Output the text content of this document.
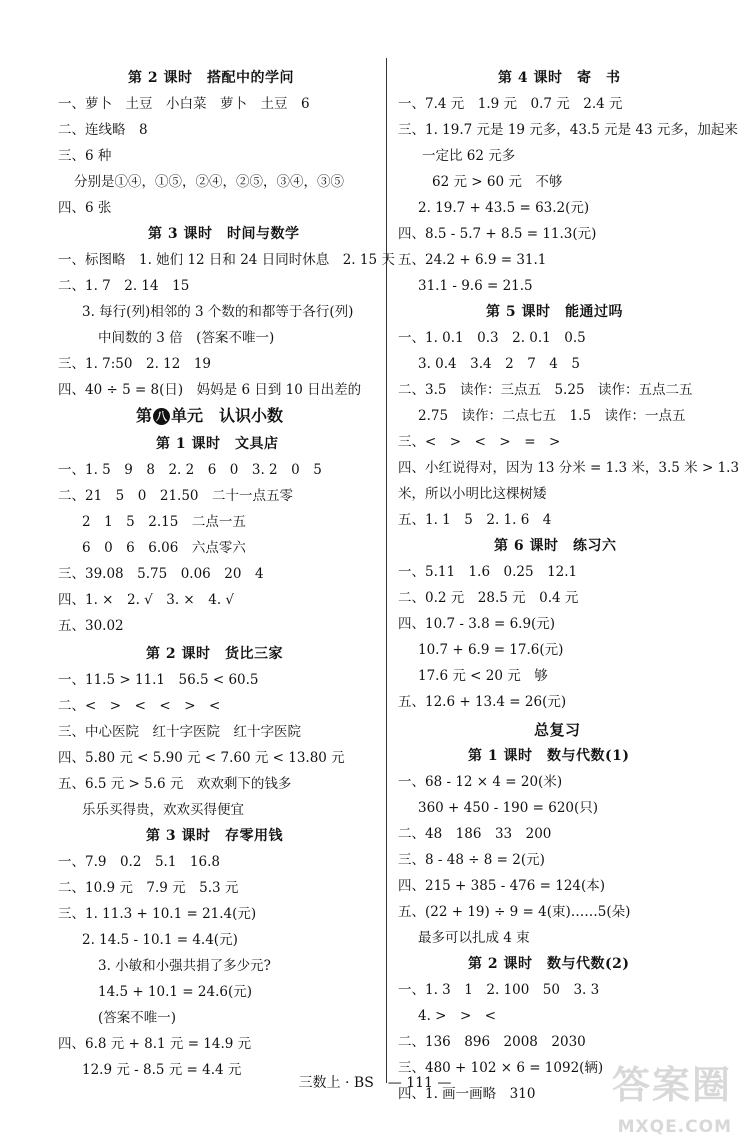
第 2 课时　搭配中的学问
一、萝卜　土豆　小白菜　萝卜　土豆　6
二、连线略　8
三、6 种
分别是①④，①⑤，②④，②⑤，③④，③⑤
四、6 张
第 3 课时　时间与数学
一、标图略　1. 她们 12 日和 24 日同时休息　2. 15 天
二、1. 7　2. 14　15
3. 每行(列)相邻的 3 个数的和都等于各行(列)
中间数的 3 倍　(答案不唯一)
三、1. 7:50　2. 12　19
四、40 ÷ 5 = 8(日)　妈妈是 6 日到 10 日出差的
第 八 单元　认识小数
第 1 课时　文具店
一、1. 5　9　8　2. 2　6　0　3. 2　0　5
二、21　5　0　21.50　二十一点五零
2　1　5　2.15　二点一五
6　0　6　6.06　六点零六
三、39.08　5.75　0.06　20　4
四、1. ×　2. √　3. ×　4. √
五、30.02
第 2 课时　货比三家
一、11.5 > 11.1　56.5 < 60.5
二、<　>　<　<　>　<
三、中心医院　红十字医院　红十字医院
四、5.80 元 < 5.90 元 < 7.60 元 < 13.80 元
五、6.5 元 > 5.6 元　欢欢剩下的钱多
乐乐买得贵，欢欢买得便宜
第 3 课时　存零用钱
一、7.9　0.2　5.1　16.8
二、10.9 元　7.9 元　5.3 元
三、1. 11.3 + 10.1 = 21.4(元)
2. 14.5 - 10.1 = 4.4(元)
3. 小敏和小强共捐了多少元?
14.5 + 10.1 = 24.6(元)
(答案不唯一)
四、6.8 元 + 8.1 元 = 14.9 元
12.9 元 - 8.5 元 = 4.4 元
第 4 课时　寄　书
一、7.4 元　1.9 元　0.7 元　2.4 元
三、1. 19.7 元是 19 元多，43.5 元是 43 元多，加起来
一定比 62 元多
62 元 > 60 元　不够
2. 19.7 + 43.5 = 63.2(元)
四、8.5 - 5.7 + 8.5 = 11.3(元)
五、24.2 + 6.9 = 31.1
31.1 - 9.6 = 21.5
第 5 课时　能通过吗
一、1. 0.1　0.3　2. 0.1　0.5
3. 0.4　3.4　2　7　4　5
二、3.5　读作：三点五　5.25　读作：五点二五
2.75　读作：二点七五　1.5　读作：一点五
三、<　>　<　>　=　>
四、小红说得对，因为 13 分米 = 1.3 米，3.5 米 > 1.3
米，所以小明比这棵树矮
五、1. 1　5　2. 1. 6　4
第 6 课时　练习六
一、5.11　1.6　0.25　12.1
二、0.2 元　28.5 元　0.4 元
四、10.7 - 3.8 = 6.9(元)
10.7 + 6.9 = 17.6(元)
17.6 元 < 20 元　够
五、12.6 + 13.4 = 26(元)
总复习
第 1 课时　数与代数(1)
一、68 - 12 × 4 = 20(米)
360 + 450 - 190 = 620(只)
二、48　186　33　200
三、8 - 48 ÷ 8 = 2(元)
四、215 + 385 - 476 = 124(本)
五、(22 + 19) ÷ 9 = 4(束)……5(朵)
最多可以扎成 4 束
第 2 课时　数与代数(2)
一、1. 3　1　2. 100　50　3. 3
4. >　>　<
二、136　896　2008　2030
三、480 + 102 × 6 = 1092(辆)
四、1. 画一画略　310
三数上 · BS　— 111 —	答案圈
MXQE.COM
